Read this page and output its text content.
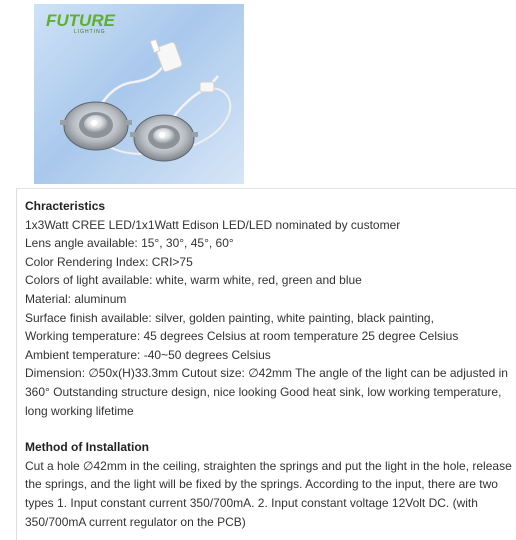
FUTURE
LIGHTING
Chracteristics
1x3Watt CREE LED/1x1Watt Edison LED/LED nominated by customer
Lens angle available: 15°, 30°, 45°, 60°
Color Rendering Index: CRI>75
Colors of light available: white, warm white, red, green and blue
Material: aluminum
Surface finish available: silver, golden painting, white painting, black painting,
Working temperature: 45 degrees Celsius at room temperature 25 degree Celsius
Ambient temperature: -40~50 degrees Celsius
Dimension: ∅50x(H)33.3mm Cutout size: ∅42mm The angle of the light can be adjusted in 360° Outstanding structure design, nice looking Good heat sink, low working temperature, long working lifetime
Method of Installation
Cut a hole ∅42mm in the ceiling, straighten the springs and put the light in the hole, release the springs, and the light will be fixed by the springs. According to the input, there are two types 1. Input constant current 350/700mA. 2. Input constant voltage 12Volt DC. (with 350/700mA current regulator on the PCB)
